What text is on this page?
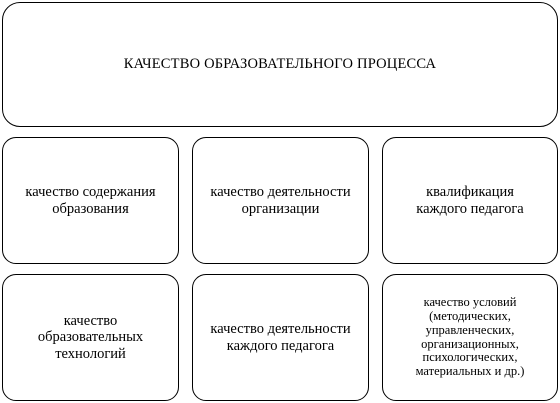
КАЧЕСТВО ОБРАЗОВАТЕЛЬНОГО ПРОЦЕССА
качество содержания образования
качество деятельности организации
квалификация каждого педагога
качество образовательных технологий
качество деятельности каждого педагога
качество условий (методических, управленческих, организационных, психологических, материальных и др.)
